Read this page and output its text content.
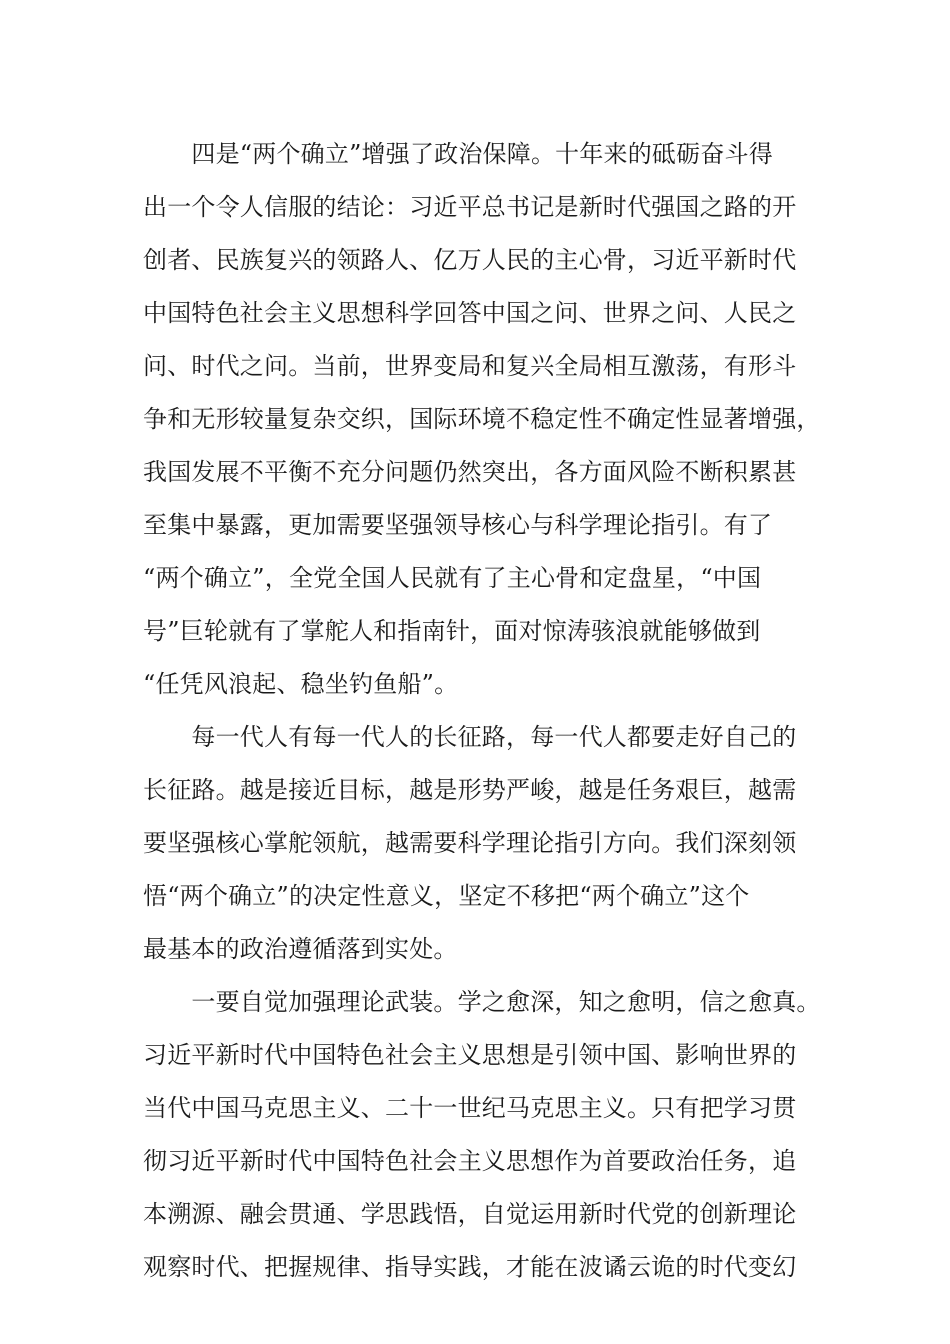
　　四是“两个确立”增强了政治保障。十年来的砥砺奋斗得
出一个令人信服的结论：习近平总书记是新时代强国之路的开
创者、民族复兴的领路人、亿万人民的主心骨，习近平新时代
中国特色社会主义思想科学回答中国之问、世界之问、人民之
问、时代之问。当前，世界变局和复兴全局相互激荡，有形斗
争和无形较量复杂交织，国际环境不稳定性不确定性显著增强，
我国发展不平衡不充分问题仍然突出，各方面风险不断积累甚
至集中暴露，更加需要坚强领导核心与科学理论指引。有了
“两个确立”，全党全国人民就有了主心骨和定盘星，“中国
号”巨轮就有了掌舵人和指南针，面对惊涛骇浪就能够做到
“任凭风浪起、稳坐钓鱼船”。
　　每一代人有每一代人的长征路，每一代人都要走好自己的
长征路。越是接近目标，越是形势严峻，越是任务艰巨，越需
要坚强核心掌舵领航，越需要科学理论指引方向。我们深刻领
悟“两个确立”的决定性意义，坚定不移把“两个确立”这个
最基本的政治遵循落到实处。
　　一要自觉加强理论武装。学之愈深，知之愈明，信之愈真。
习近平新时代中国特色社会主义思想是引领中国、影响世界的
当代中国马克思主义、二十一世纪马克思主义。只有把学习贯
彻习近平新时代中国特色社会主义思想作为首要政治任务，追
本溯源、融会贯通、学思践悟，自觉运用新时代党的创新理论
观察时代、把握规律、指导实践，才能在波谲云诡的时代变幻
